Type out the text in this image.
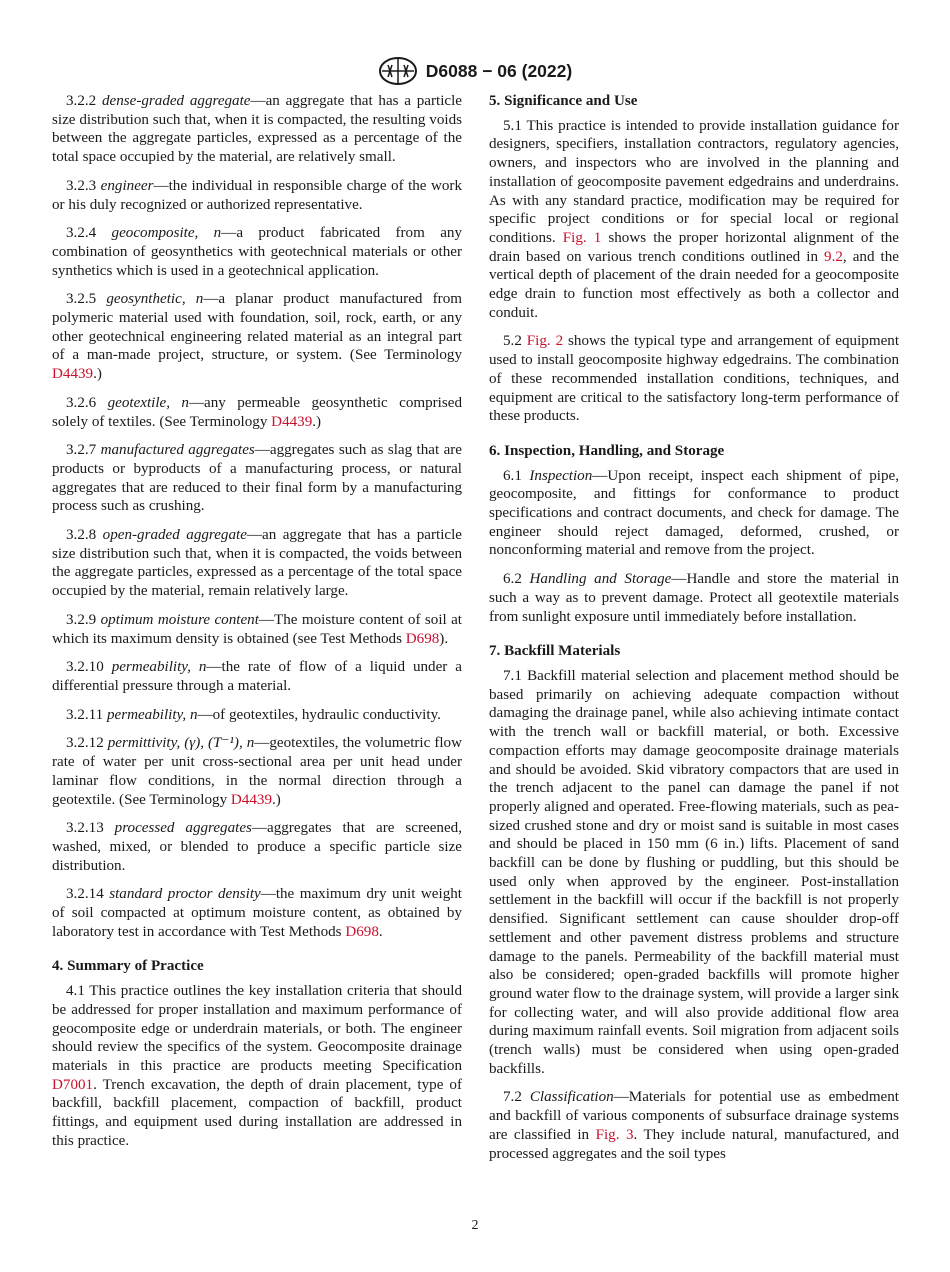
D6088 − 06 (2022)

3.2.2 dense-graded aggregate—an aggregate that has a particle size distribution such that, when it is compacted, the resulting voids between the aggregate particles, expressed as a percentage of the total space occupied by the material, are relatively small.

3.2.3 engineer—the individual in responsible charge of the work or his duly recognized or authorized representative.

3.2.4 geocomposite, n—a product fabricated from any combination of geosynthetics with geotechnical materials or other synthetics which is used in a geotechnical application.

3.2.5 geosynthetic, n—a planar product manufactured from polymeric material used with foundation, soil, rock, earth, or any other geotechnical engineering related material as an integral part of a man-made project, structure, or system. (See Terminology D4439.)

3.2.6 geotextile, n—any permeable geosynthetic comprised solely of textiles. (See Terminology D4439.)

3.2.7 manufactured aggregates—aggregates such as slag that are products or byproducts of a manufacturing process, or natural aggregates that are reduced to their final form by a manufacturing process such as crushing.

3.2.8 open-graded aggregate—an aggregate that has a particle size distribution such that, when it is compacted, the voids between the aggregate particles, expressed as a percentage of the total space occupied by the material, remain relatively large.

3.2.9 optimum moisture content—The moisture content of soil at which its maximum density is obtained (see Test Methods D698).

3.2.10 permeability, n—the rate of flow of a liquid under a differential pressure through a material.

3.2.11 permeability, n—of geotextiles, hydraulic conductivity.

3.2.12 permittivity, (γ), (T⁻¹), n—geotextiles, the volumetric flow rate of water per unit cross-sectional area per unit head under laminar flow conditions, in the normal direction through a geotextile. (See Terminology D4439.)

3.2.13 processed aggregates—aggregates that are screened, washed, mixed, or blended to produce a specific particle size distribution.

3.2.14 standard proctor density—the maximum dry unit weight of soil compacted at optimum moisture content, as obtained by laboratory test in accordance with Test Methods D698.

4. Summary of Practice

4.1 This practice outlines the key installation criteria that should be addressed for proper installation and maximum performance of geocomposite edge or underdrain materials, or both. The engineer should review the specifics of the system. Geocomposite drainage materials in this practice are products meeting Specification D7001. Trench excavation, the depth of drain placement, type of backfill, backfill placement, compaction of backfill, product fittings, and equipment used during installation are addressed in this practice.

5. Significance and Use

5.1 This practice is intended to provide installation guidance for designers, specifiers, installation contractors, regulatory agencies, owners, and inspectors who are involved in the planning and installation of geocomposite pavement edgedrains and underdrains. As with any standard practice, modification may be required for specific project conditions or for special local or regional conditions. Fig. 1 shows the proper horizontal alignment of the drain based on various trench conditions outlined in 9.2, and the vertical depth of placement of the drain needed for a geocomposite edge drain to function most effectively as both a collector and conduit.

5.2 Fig. 2 shows the typical type and arrangement of equipment used to install geocomposite highway edgedrains. The combination of these recommended installation conditions, techniques, and equipment are critical to the satisfactory long-term performance of these products.

6. Inspection, Handling, and Storage

6.1 Inspection—Upon receipt, inspect each shipment of pipe, geocomposite, and fittings for conformance to product specifications and contract documents, and check for damage. The engineer should reject damaged, deformed, crushed, or nonconforming material and remove from the project.

6.2 Handling and Storage—Handle and store the material in such a way as to prevent damage. Protect all geotextile materials from sunlight exposure until immediately before installation.

7. Backfill Materials

7.1 Backfill material selection and placement method should be based primarily on achieving adequate compaction without damaging the drainage panel, while also achieving intimate contact with the trench wall or backfill material, or both. Excessive compaction efforts may damage geocomposite drainage materials and should be avoided. Skid vibratory compactors that are used in the trench adjacent to the panel can damage the panel if not properly aligned and operated. Free-flowing materials, such as pea-sized crushed stone and dry or moist sand is suitable in most cases and should be placed in 150 mm (6 in.) lifts. Placement of sand backfill can be done by flushing or puddling, but this should be used only when approved by the engineer. Post-installation settlement in the backfill will occur if the backfill is not properly densified. Significant settlement can cause shoulder drop-off settlement and other pavement distress problems and structure damage to the panels. Permeability of the backfill material must also be considered; open-graded backfills will promote higher ground water flow to the drainage system, will provide a larger sink for collecting water, and will also provide additional flow area during maximum rainfall events. Soil migration from adjacent soils (trench walls) must be considered when using open-graded backfills.

7.2 Classification—Materials for potential use as embedment and backfill of various components of subsurface drainage systems are classified in Fig. 3. They include natural, manufactured, and processed aggregates and the soil types

2
